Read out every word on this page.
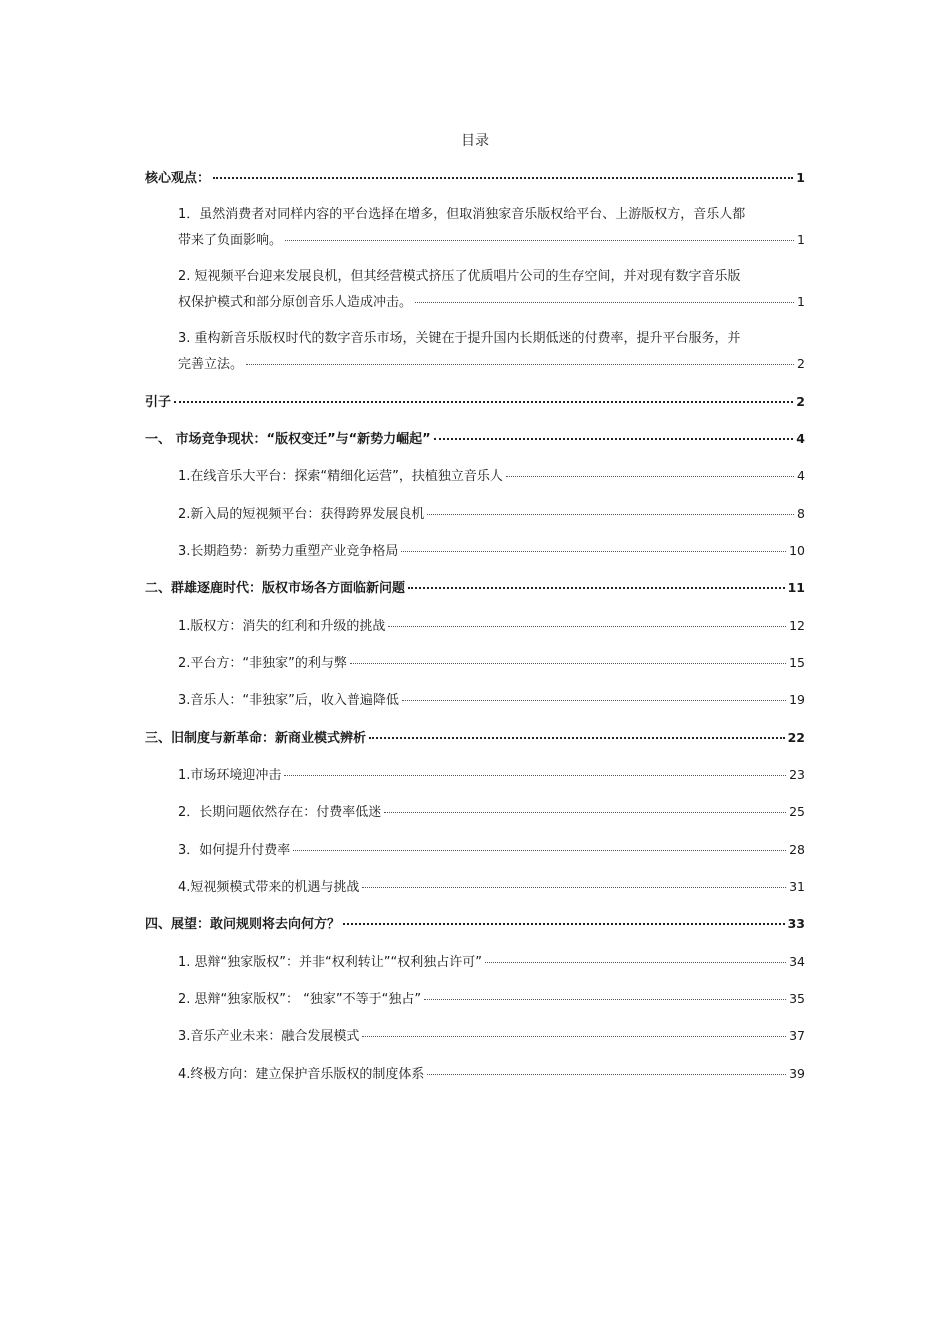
目录
核心观点：	1
1．虽然消费者对同样内容的平台选择在增多，但取消独家音乐版权给平台、上游版权方，音乐人都
带来了负面影响。	1
2. 短视频平台迎来发展良机，但其经营模式挤压了优质唱片公司的生存空间，并对现有数字音乐版
权保护模式和部分原创音乐人造成冲击。	1
3. 重构新音乐版权时代的数字音乐市场，关键在于提升国内长期低迷的付费率，提升平台服务，并
完善立法。	2
引子	2
一、 市场竞争现状：“版权变迁”与“新势力崛起”	4
1.在线音乐大平台：探索“精细化运营”，扶植独立音乐人	4
2.新入局的短视频平台：获得跨界发展良机	8
3.长期趋势：新势力重塑产业竞争格局	10
二、群雄逐鹿时代：版权市场各方面临新问题	11
1.版权方：消失的红利和升级的挑战	12
2.平台方：“非独家”的利与弊	15
3.音乐人：“非独家”后，收入普遍降低	19
三、旧制度与新革命：新商业模式辨析	22
1.市场环境迎冲击	23
2．长期问题依然存在：付费率低迷	25
3．如何提升付费率	28
4.短视频模式带来的机遇与挑战	31
四、展望：敢问规则将去向何方？	33
1. 思辩“独家版权”：并非“权利转让”“权利独占许可”	34
2. 思辩“独家版权”： “独家”不等于“独占”	35
3.音乐产业未来：融合发展模式	37
4.终极方向：建立保护音乐版权的制度体系	39
